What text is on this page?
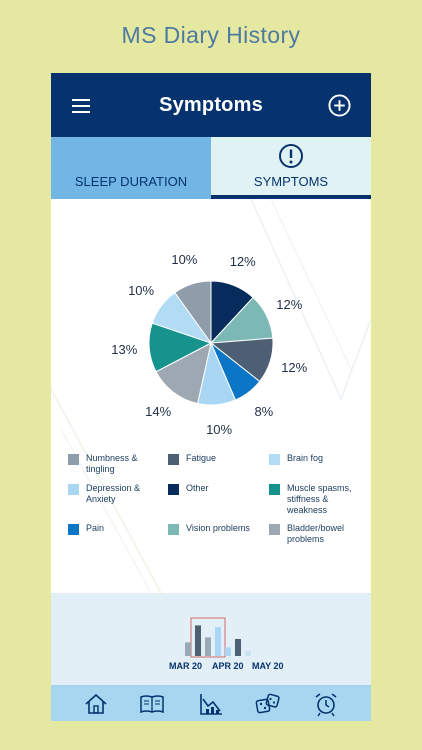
MS Diary History
Symptoms
SLEEP DURATION	SYMPTOMS
12%
12%
12%
8%
10%
14%
13%
10%
10%
Numbness & tingling
Fatigue	Brain fog
Depression & Anxiety
Other	Muscle spasms, stiffness & weakness
Pain	Vision problems	Bladder/bowel problems
MAR 20 APR 20 MAY 20
